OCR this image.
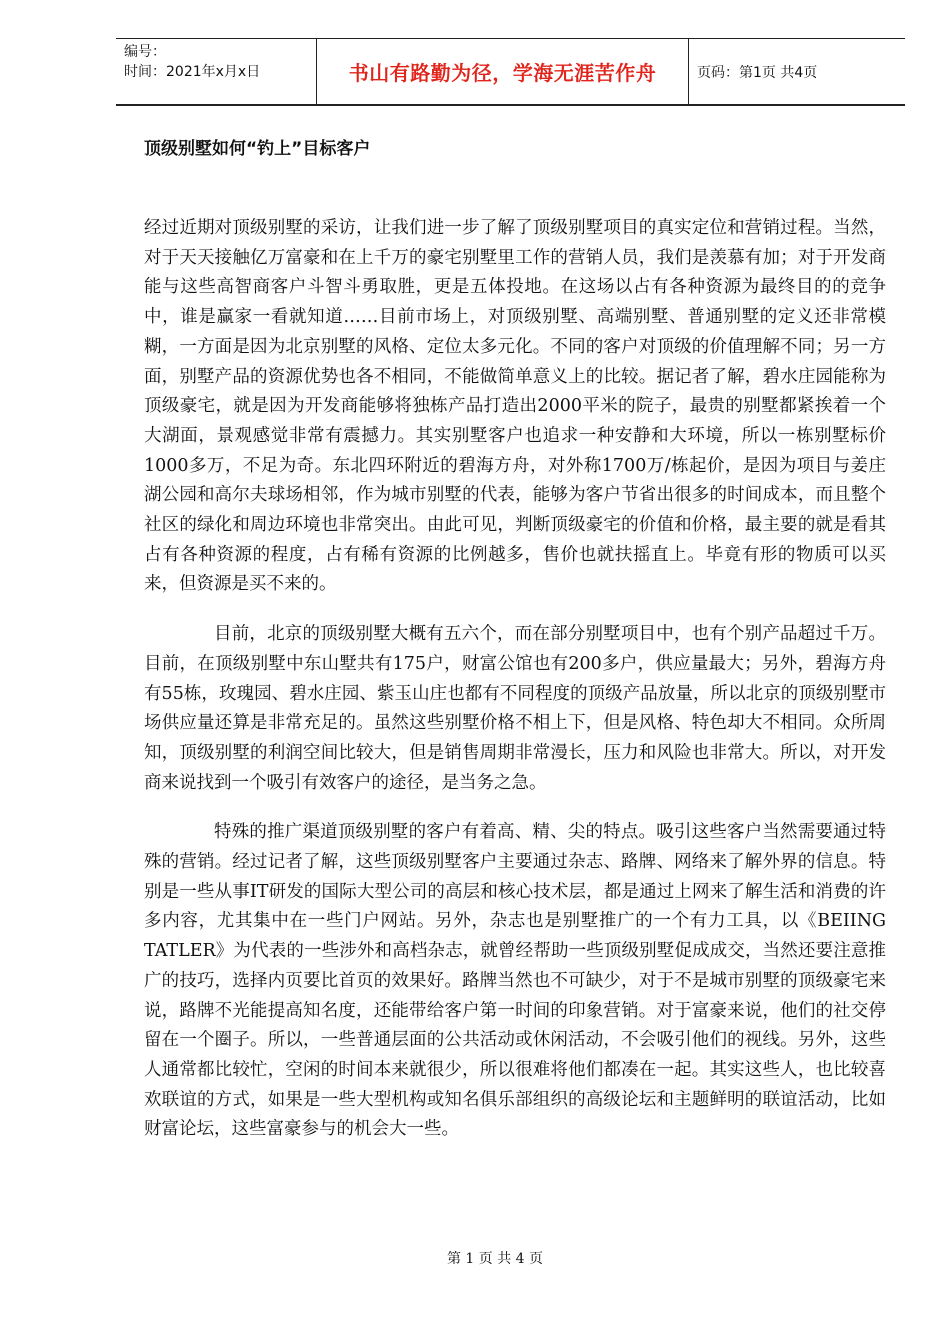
编号：
时间：2021年x月x日	书山有路勤为径，学海无涯苦作舟	页码：第1页 共4页
顶级别墅如何“钓上”目标客户

经过近期对顶级别墅的采访，让我们进一步了解了顶级别墅项目的真实定位和营销过程。当然，对于天天接触亿万富豪和在上千万的豪宅别墅里工作的营销人员，我们是羡慕有加；对于开发商能与这些高智商客户斗智斗勇取胜，更是五体投地。在这场以占有各种资源为最终目的的竞争中，谁是赢家一看就知道……目前市场上，对顶级别墅、高端别墅、普通别墅的定义还非常模糊，一方面是因为北京别墅的风格、定位太多元化。不同的客户对顶级的价值理解不同；另一方面，别墅产品的资源优势也各不相同，不能做简单意义上的比较。据记者了解，碧水庄园能称为顶级豪宅，就是因为开发商能够将独栋产品打造出2000平米的院子，最贵的别墅都紧挨着一个大湖面，景观感觉非常有震撼力。其实别墅客户也追求一种安静和大环境，所以一栋别墅标价1000多万，不足为奇。东北四环附近的碧海方舟，对外称1700万/栋起价，是因为项目与姜庄湖公园和高尔夫球场相邻，作为城市别墅的代表，能够为客户节省出很多的时间成本，而且整个社区的绿化和周边环境也非常突出。由此可见，判断顶级豪宅的价值和价格，最主要的就是看其占有各种资源的程度，占有稀有资源的比例越多，售价也就扶摇直上。毕竟有形的物质可以买来，但资源是买不来的。

目前，北京的顶级别墅大概有五六个，而在部分别墅项目中，也有个别产品超过千万。目前，在顶级别墅中东山墅共有175户，财富公馆也有200多户，供应量最大；另外，碧海方舟有55栋，玫瑰园、碧水庄园、紫玉山庄也都有不同程度的顶级产品放量，所以北京的顶级别墅市场供应量还算是非常充足的。虽然这些别墅价格不相上下，但是风格、特色却大不相同。众所周知，顶级别墅的利润空间比较大，但是销售周期非常漫长，压力和风险也非常大。所以，对开发商来说找到一个吸引有效客户的途径，是当务之急。

特殊的推广渠道顶级别墅的客户有着高、精、尖的特点。吸引这些客户当然需要通过特殊的营销。经过记者了解，这些顶级别墅客户主要通过杂志、路牌、网络来了解外界的信息。特别是一些从事IT研发的国际大型公司的高层和核心技术层，都是通过上网来了解生活和消费的许多内容，尤其集中在一些门户网站。另外，杂志也是别墅推广的一个有力工具，以《BEIING TATLER》为代表的一些涉外和高档杂志，就曾经帮助一些顶级别墅促成成交，当然还要注意推广的技巧，选择内页要比首页的效果好。路牌当然也不可缺少，对于不是城市别墅的顶级豪宅来说，路牌不光能提高知名度，还能带给客户第一时间的印象营销。对于富豪来说，他们的社交停留在一个圈子。所以，一些普通层面的公共活动或休闲活动，不会吸引他们的视线。另外，这些人通常都比较忙，空闲的时间本来就很少，所以很难将他们都凑在一起。其实这些人，也比较喜欢联谊的方式，如果是一些大型机构或知名俱乐部组织的高级论坛和主题鲜明的联谊活动，比如财富论坛，这些富豪参与的机会大一些。

第 1 页 共 4 页
